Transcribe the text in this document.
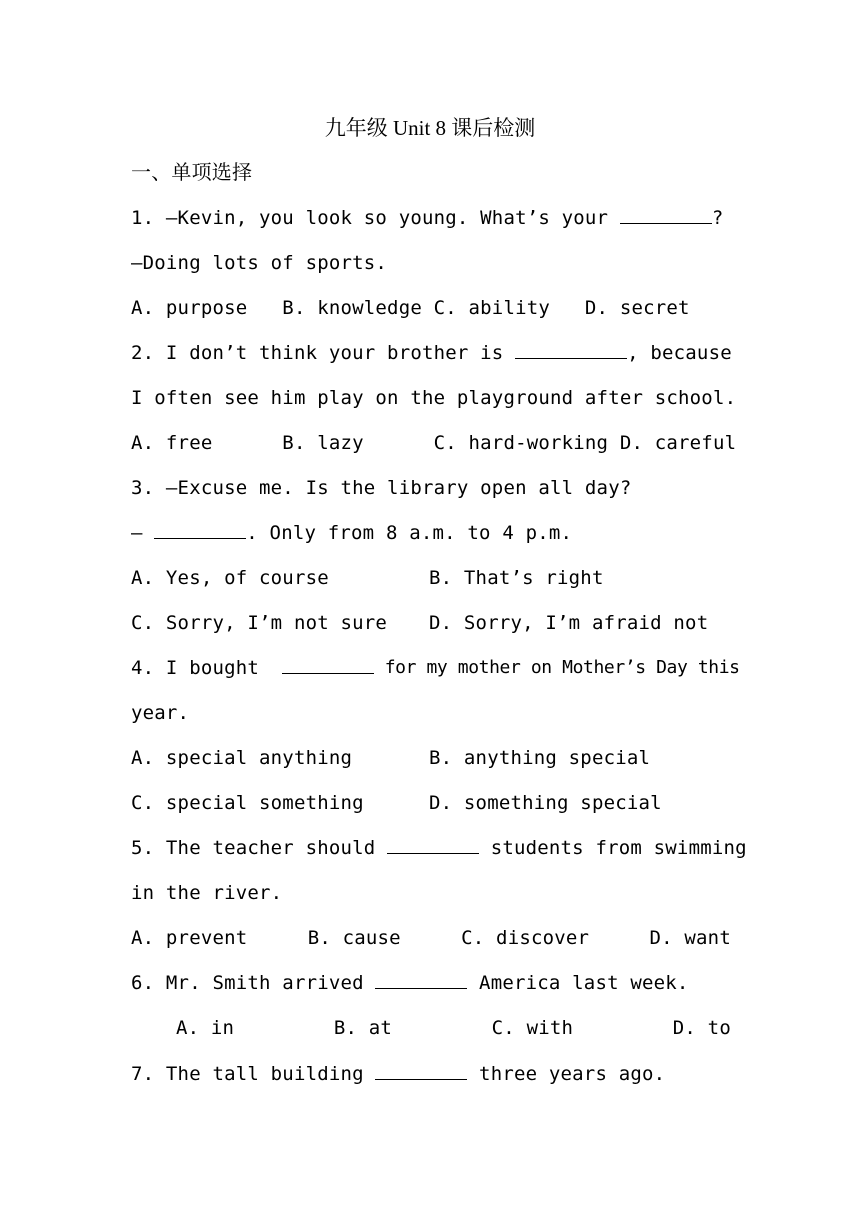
九年级 Unit 8 课后检测
一、单项选择
1. —Kevin, you look so young. What’s your	?
—Doing lots of sports.
A. purpose   B. knowledge C. ability   D. secret
2. I don’t think your brother is	, because
I often see him play on the playground after school.
A. free      B. lazy      C. hard-working D. careful
3. —Excuse me. Is the library open all day?
—	. Only from 8 a.m. to 4 p.m.
A. Yes, of course	B. That’s right
C. Sorry, I’m not sure D. Sorry, I’m afraid not
4. I bought	for my mother on Mother’s Day this
year.
A. special anything	B. anything special
C. special something	D. something special
5. The teacher should	students from swimming
in the river.
A. prevent	B. cause	C. discover	D. want
6. Mr. Smith arrived	America last week.
A. in	B. at	C. with	D. to
7. The tall building	three years ago.
